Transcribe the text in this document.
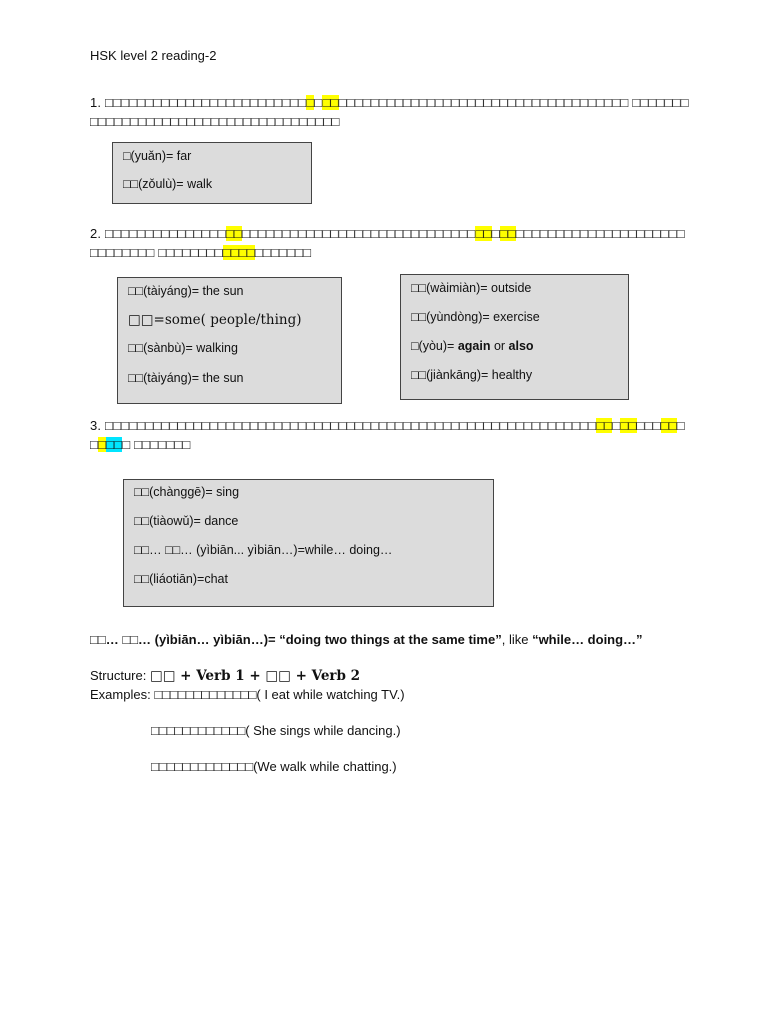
HSK level 2 reading-2
1. □□□□□□□□□□□□□□□□□□□□□□□□□□□□□□□□□□□□□□□□□□□□□□□□□□□□□□□□□□□□□□□□□ □□□□□□□□□□□□□□□□□□□□□□□□□□□□□□□□□□□□□□
□(yuǎn)= far
□□(zǒulù)= walk
2. □□□□□□□□□□□□□□□□□□□□□□□□□□□□□□□□□□□□□□□□□□□□□□□□□□□□□□□□□□□□□□□□□□□□□□□□□□□□□□□□ □□□□□□□□□□□□□□□□□□□
□□(tàiyáng)= the sun
□□=some( people/thing)
□□(sànbù)= walking
□□(tàiyáng)= the sun
□□(wàimiàn)= outside
□□(yùndòng)= exercise
□(yòu)= again or also
□□(jiànkāng)= healthy
3. □□□□□□□□□□□□□□□□□□□□□□□□□□□□□□□□□□□□□□□□□□□□□□□□□□□□□□□□□□□□□□□□□□□□□□□□□□□□□ □□□□□□□
□□(chànggē)= sing
□□(tiàowǔ)= dance
□□… □□… (yìbiān... yìbiān…)=while… doing…
□□(liáotiān)=chat
□□… □□… (yìbiān… yìbiān…)= “doing two things at the same time”, like “while… doing…”
Structure: □□ + Verb 1 + □□ + Verb 2
Examples: □□□□□□□□□□□□□( I eat while watching TV.)
□□□□□□□□□□□□( She sings while dancing.)
□□□□□□□□□□□□□(We walk while chatting.)
